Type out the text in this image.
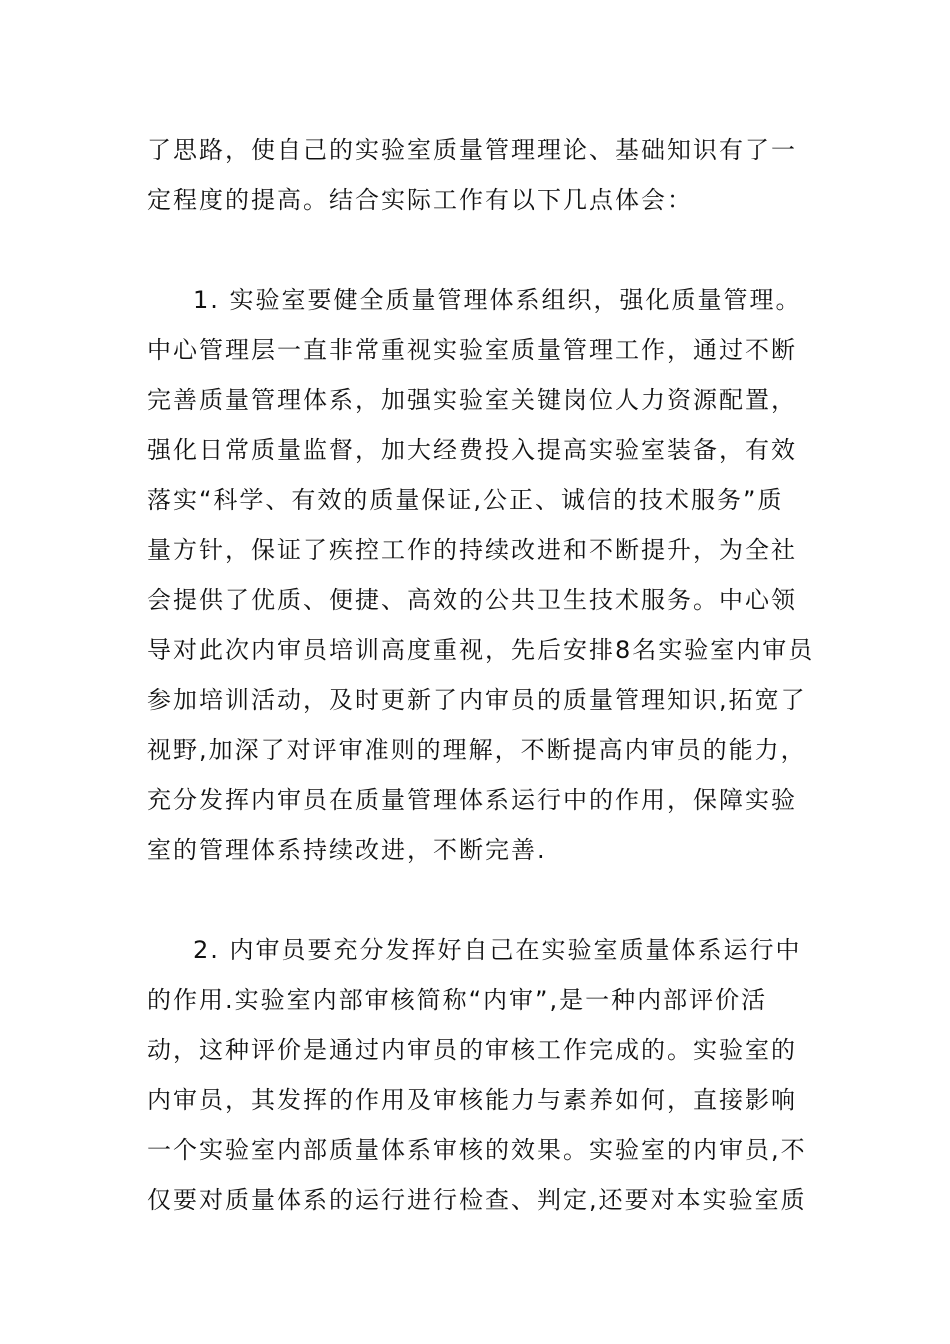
了思路，使自己的实验室质量管理理论、基础知识有了一
定程度的提高。结合实际工作有以下几点体会：
1. 实验室要健全质量管理体系组织，强化质量管理。
中心管理层一直非常重视实验室质量管理工作，通过不断
完善质量管理体系，加强实验室关键岗位人力资源配置，
强化日常质量监督，加大经费投入提高实验室装备，有效
落实“科学、有效的质量保证,公正、诚信的技术服务”质
量方针，保证了疾控工作的持续改进和不断提升，为全社
会提供了优质、便捷、高效的公共卫生技术服务。中心领
导对此次内审员培训高度重视，先后安排8名实验室内审员
参加培训活动，及时更新了内审员的质量管理知识,拓宽了
视野,加深了对评审准则的理解，不断提高内审员的能力，
充分发挥内审员在质量管理体系运行中的作用，保障实验
室的管理体系持续改进，不断完善.
2. 内审员要充分发挥好自己在实验室质量体系运行中
的作用.实验室内部审核简称“内审”,是一种内部评价活
动，这种评价是通过内审员的审核工作完成的。实验室的
内审员，其发挥的作用及审核能力与素养如何，直接影响
一个实验室内部质量体系审核的效果。实验室的内审员,不
仅要对质量体系的运行进行检查、判定,还要对本实验室质
